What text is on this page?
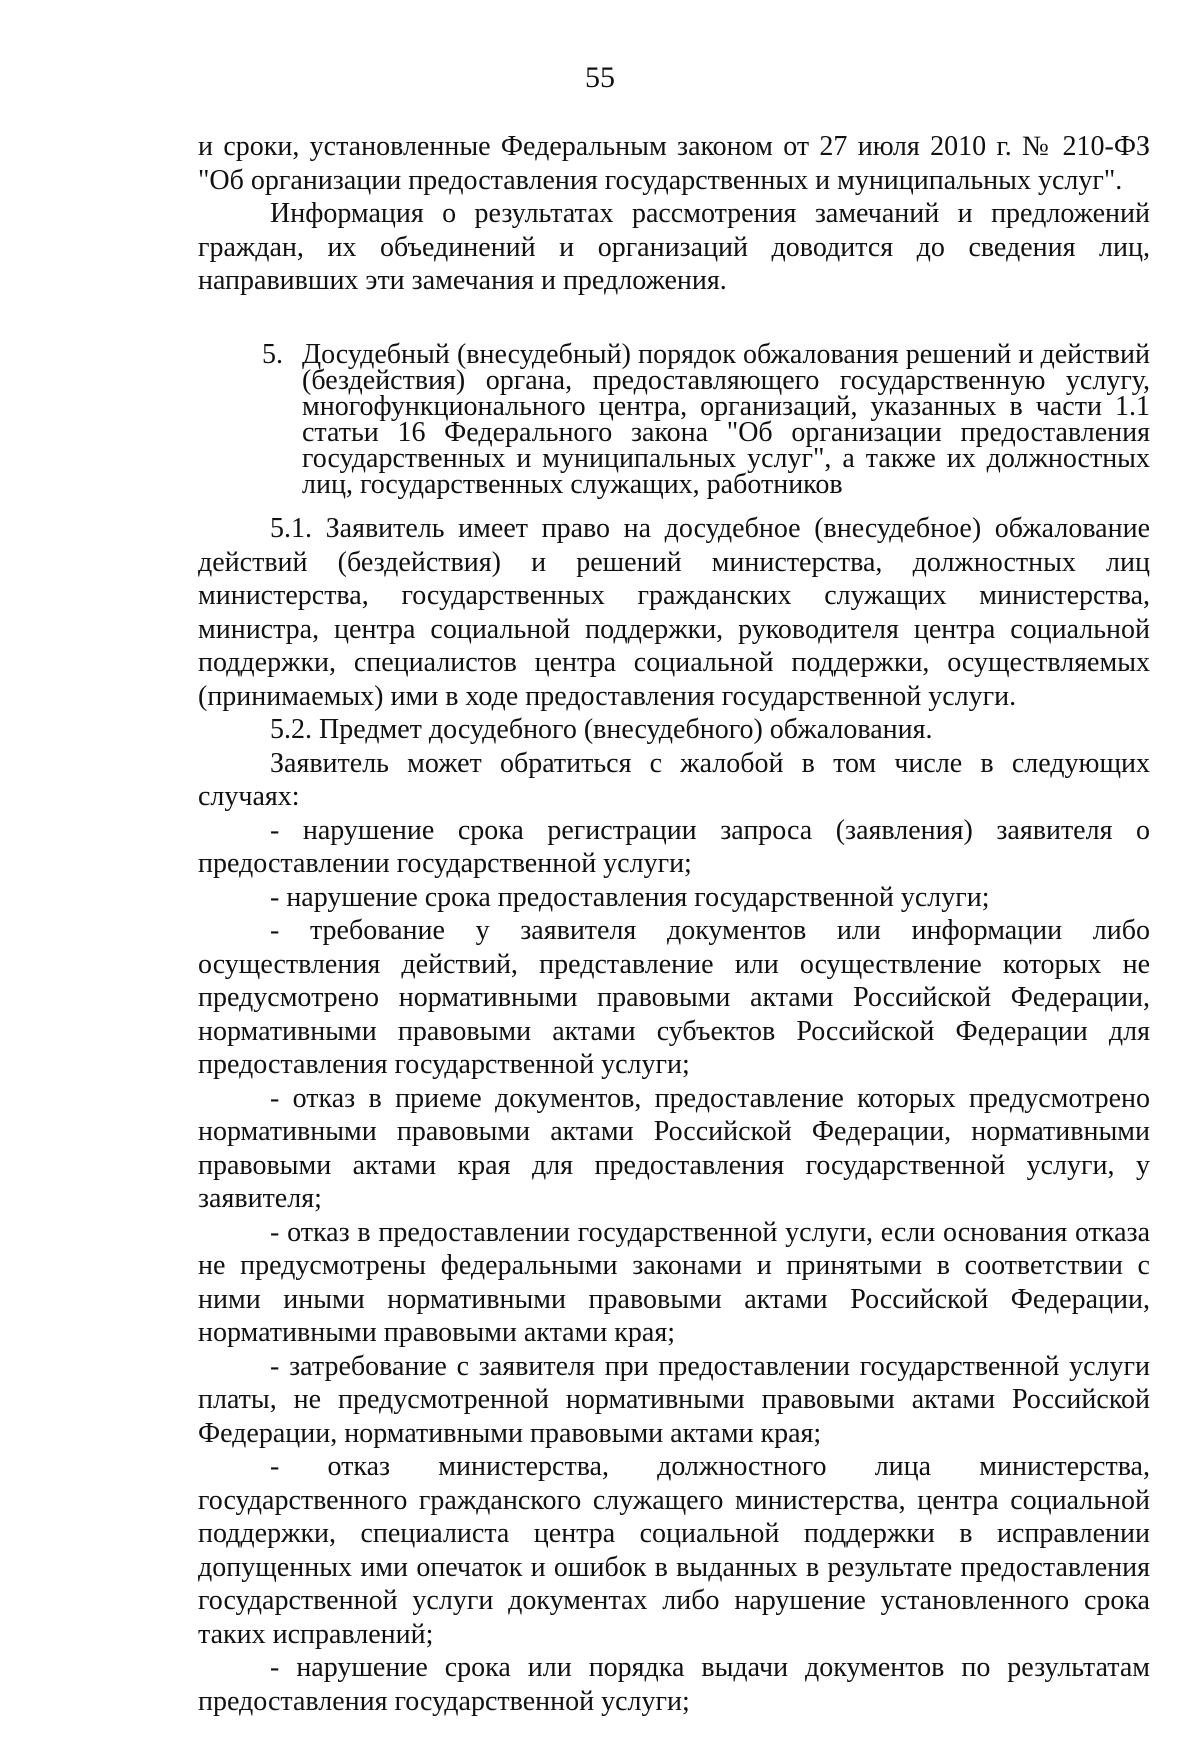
55

и сроки, установленные Федеральным законом от 27 июля 2010 г. № 210-ФЗ "Об организации предоставления государственных и муниципальных услуг".

Информация о результатах рассмотрения замечаний и предложений граждан, их объединений и организаций доводится до сведения лиц, направивших эти замечания и предложения.

5. Досудебный (внесудебный) порядок обжалования решений и действий (бездействия) органа, предоставляющего государственную услугу, многофункционального центра, организаций, указанных в части 1.1 статьи 16 Федерального закона "Об организации предоставления государственных и муниципальных услуг", а также их должностных лиц, государственных служащих, работников

5.1. Заявитель имеет право на досудебное (внесудебное) обжалование действий (бездействия) и решений министерства, должностных лиц министерства, государственных гражданских служащих министерства, министра, центра социальной поддержки, руководителя центра социальной поддержки, специалистов центра социальной поддержки, осуществляемых (принимаемых) ими в ходе предоставления государственной услуги.

5.2. Предмет досудебного (внесудебного) обжалования.

Заявитель может обратиться с жалобой в том числе в следующих случаях:

- нарушение срока регистрации запроса (заявления) заявителя о предоставлении государственной услуги;

- нарушение срока предоставления государственной услуги;

- требование у заявителя документов или информации либо осуществления действий, представление или осуществление которых не предусмотрено нормативными правовыми актами Российской Федерации, нормативными правовыми актами субъектов Российской Федерации для предоставления государственной услуги;

- отказ в приеме документов, предоставление которых предусмотрено нормативными правовыми актами Российской Федерации, нормативными правовыми актами края для предоставления государственной услуги, у заявителя;

- отказ в предоставлении государственной услуги, если основания отказа не предусмотрены федеральными законами и принятыми в соответствии с ними иными нормативными правовыми актами Российской Федерации, нормативными правовыми актами края;

- затребование с заявителя при предоставлении государственной услуги платы, не предусмотренной нормативными правовыми актами Российской Федерации, нормативными правовыми актами края;

- отказ министерства, должностного лица министерства, государственного гражданского служащего министерства, центра социальной поддержки, специалиста центра социальной поддержки в исправлении допущенных ими опечаток и ошибок в выданных в результате предоставления государственной услуги документах либо нарушение установленного срока таких исправлений;

- нарушение срока или порядка выдачи документов по результатам предоставления государственной услуги;
